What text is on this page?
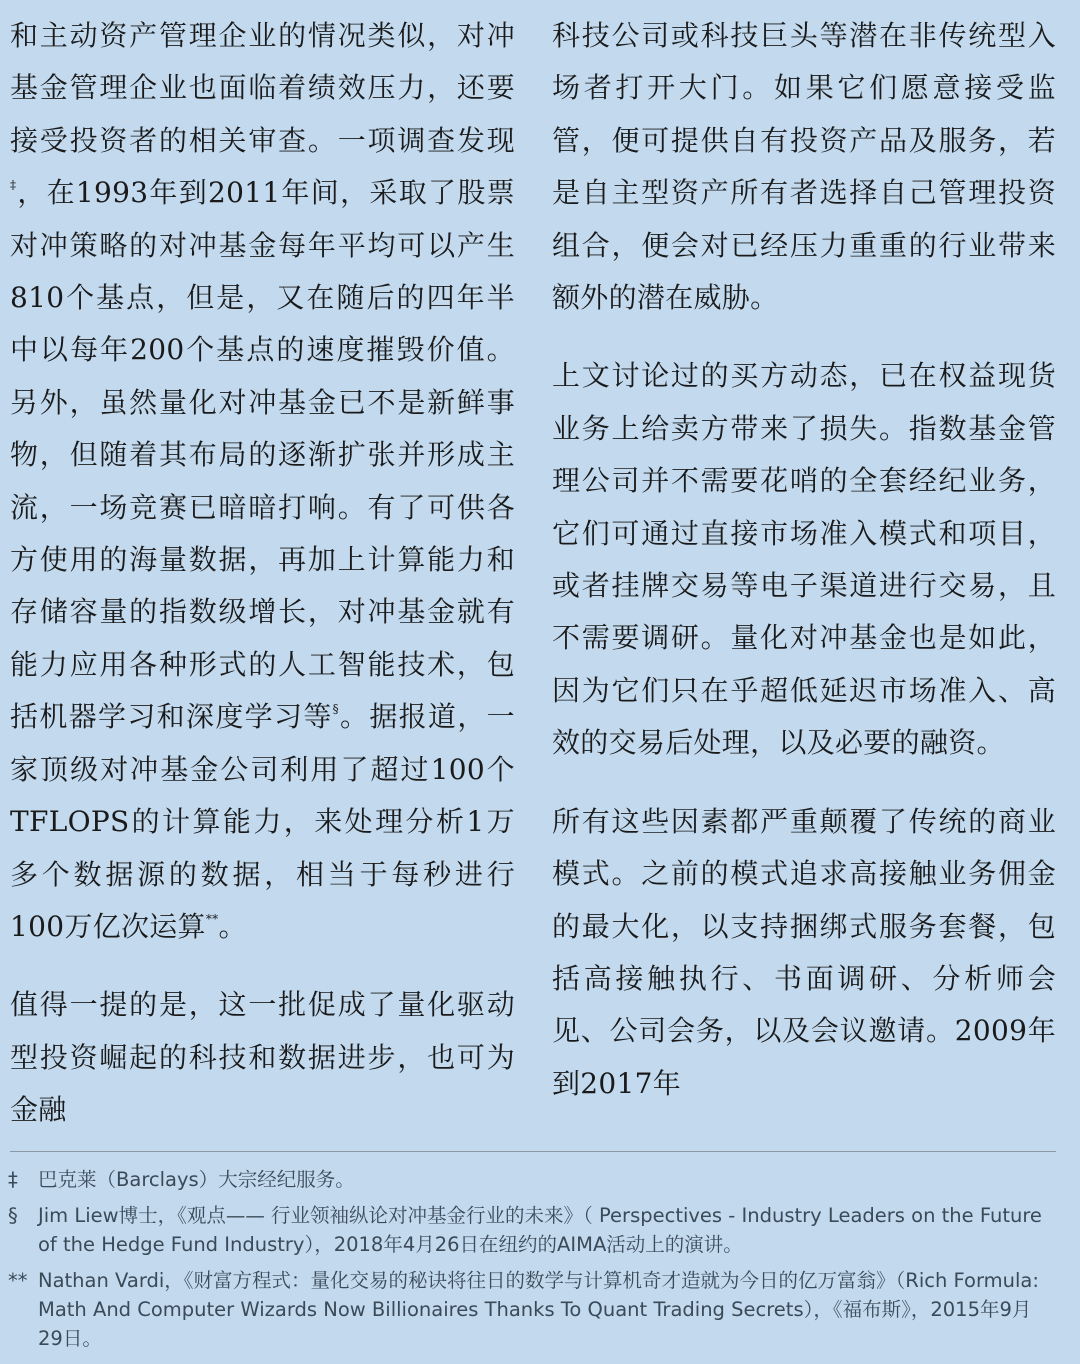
和主动资产管理企业的情况类似，对冲基金管理企业也面临着绩效压力，还要接受投资者的相关审查。一项调查发现‡，在1993年到2011年间，采取了股票对冲策略的对冲基金每年平均可以产生810个基点，但是，又在随后的四年半中以每年200个基点的速度摧毁价值。另外，虽然量化对冲基金已不是新鲜事物，但随着其布局的逐渐扩张并形成主流，一场竞赛已暗暗打响。有了可供各方使用的海量数据，再加上计算能力和存储容量的指数级增长，对冲基金就有能力应用各种形式的人工智能技术，包括机器学习和深度学习等§。据报道，一家顶级对冲基金公司利用了超过100个TFLOPS的计算能力，来处理分析1万多个数据源的数据，相当于每秒进行100万亿次运算**。

值得一提的是，这一批促成了量化驱动型投资崛起的科技和数据进步，也可为金融

科技公司或科技巨头等潜在非传统型入场者打开大门。如果它们愿意接受监管，便可提供自有投资产品及服务，若是自主型资产所有者选择自己管理投资组合，便会对已经压力重重的行业带来额外的潜在威胁。

上文讨论过的买方动态，已在权益现货业务上给卖方带来了损失。指数基金管理公司并不需要花哨的全套经纪业务，它们可通过直接市场准入模式和项目，或者挂牌交易等电子渠道进行交易，且不需要调研。量化对冲基金也是如此，因为它们只在乎超低延迟市场准入、高效的交易后处理，以及必要的融资。

所有这些因素都严重颠覆了传统的商业模式。之前的模式追求高接触业务佣金的最大化，以支持捆绑式服务套餐，包括高接触执行、书面调研、分析师会见、公司会务，以及会议邀请。2009年到2017年

‡ 巴克莱（Barclays）大宗经纪服务。
§ Jim Liew博士，《观点—— 行业领袖纵论对冲基金行业的未来》（ Perspectives - Industry Leaders on the Future of the Hedge Fund Industry），2018年4月26日在纽约的AIMA活动上的演讲。
** Nathan Vardi，《财富方程式：量化交易的秘诀将往日的数学与计算机奇才造就为今日的亿万富翁》（Rich Formula: Math And Computer Wizards Now Billionaires Thanks To Quant Trading Secrets），《福布斯》，2015年9月29日。
